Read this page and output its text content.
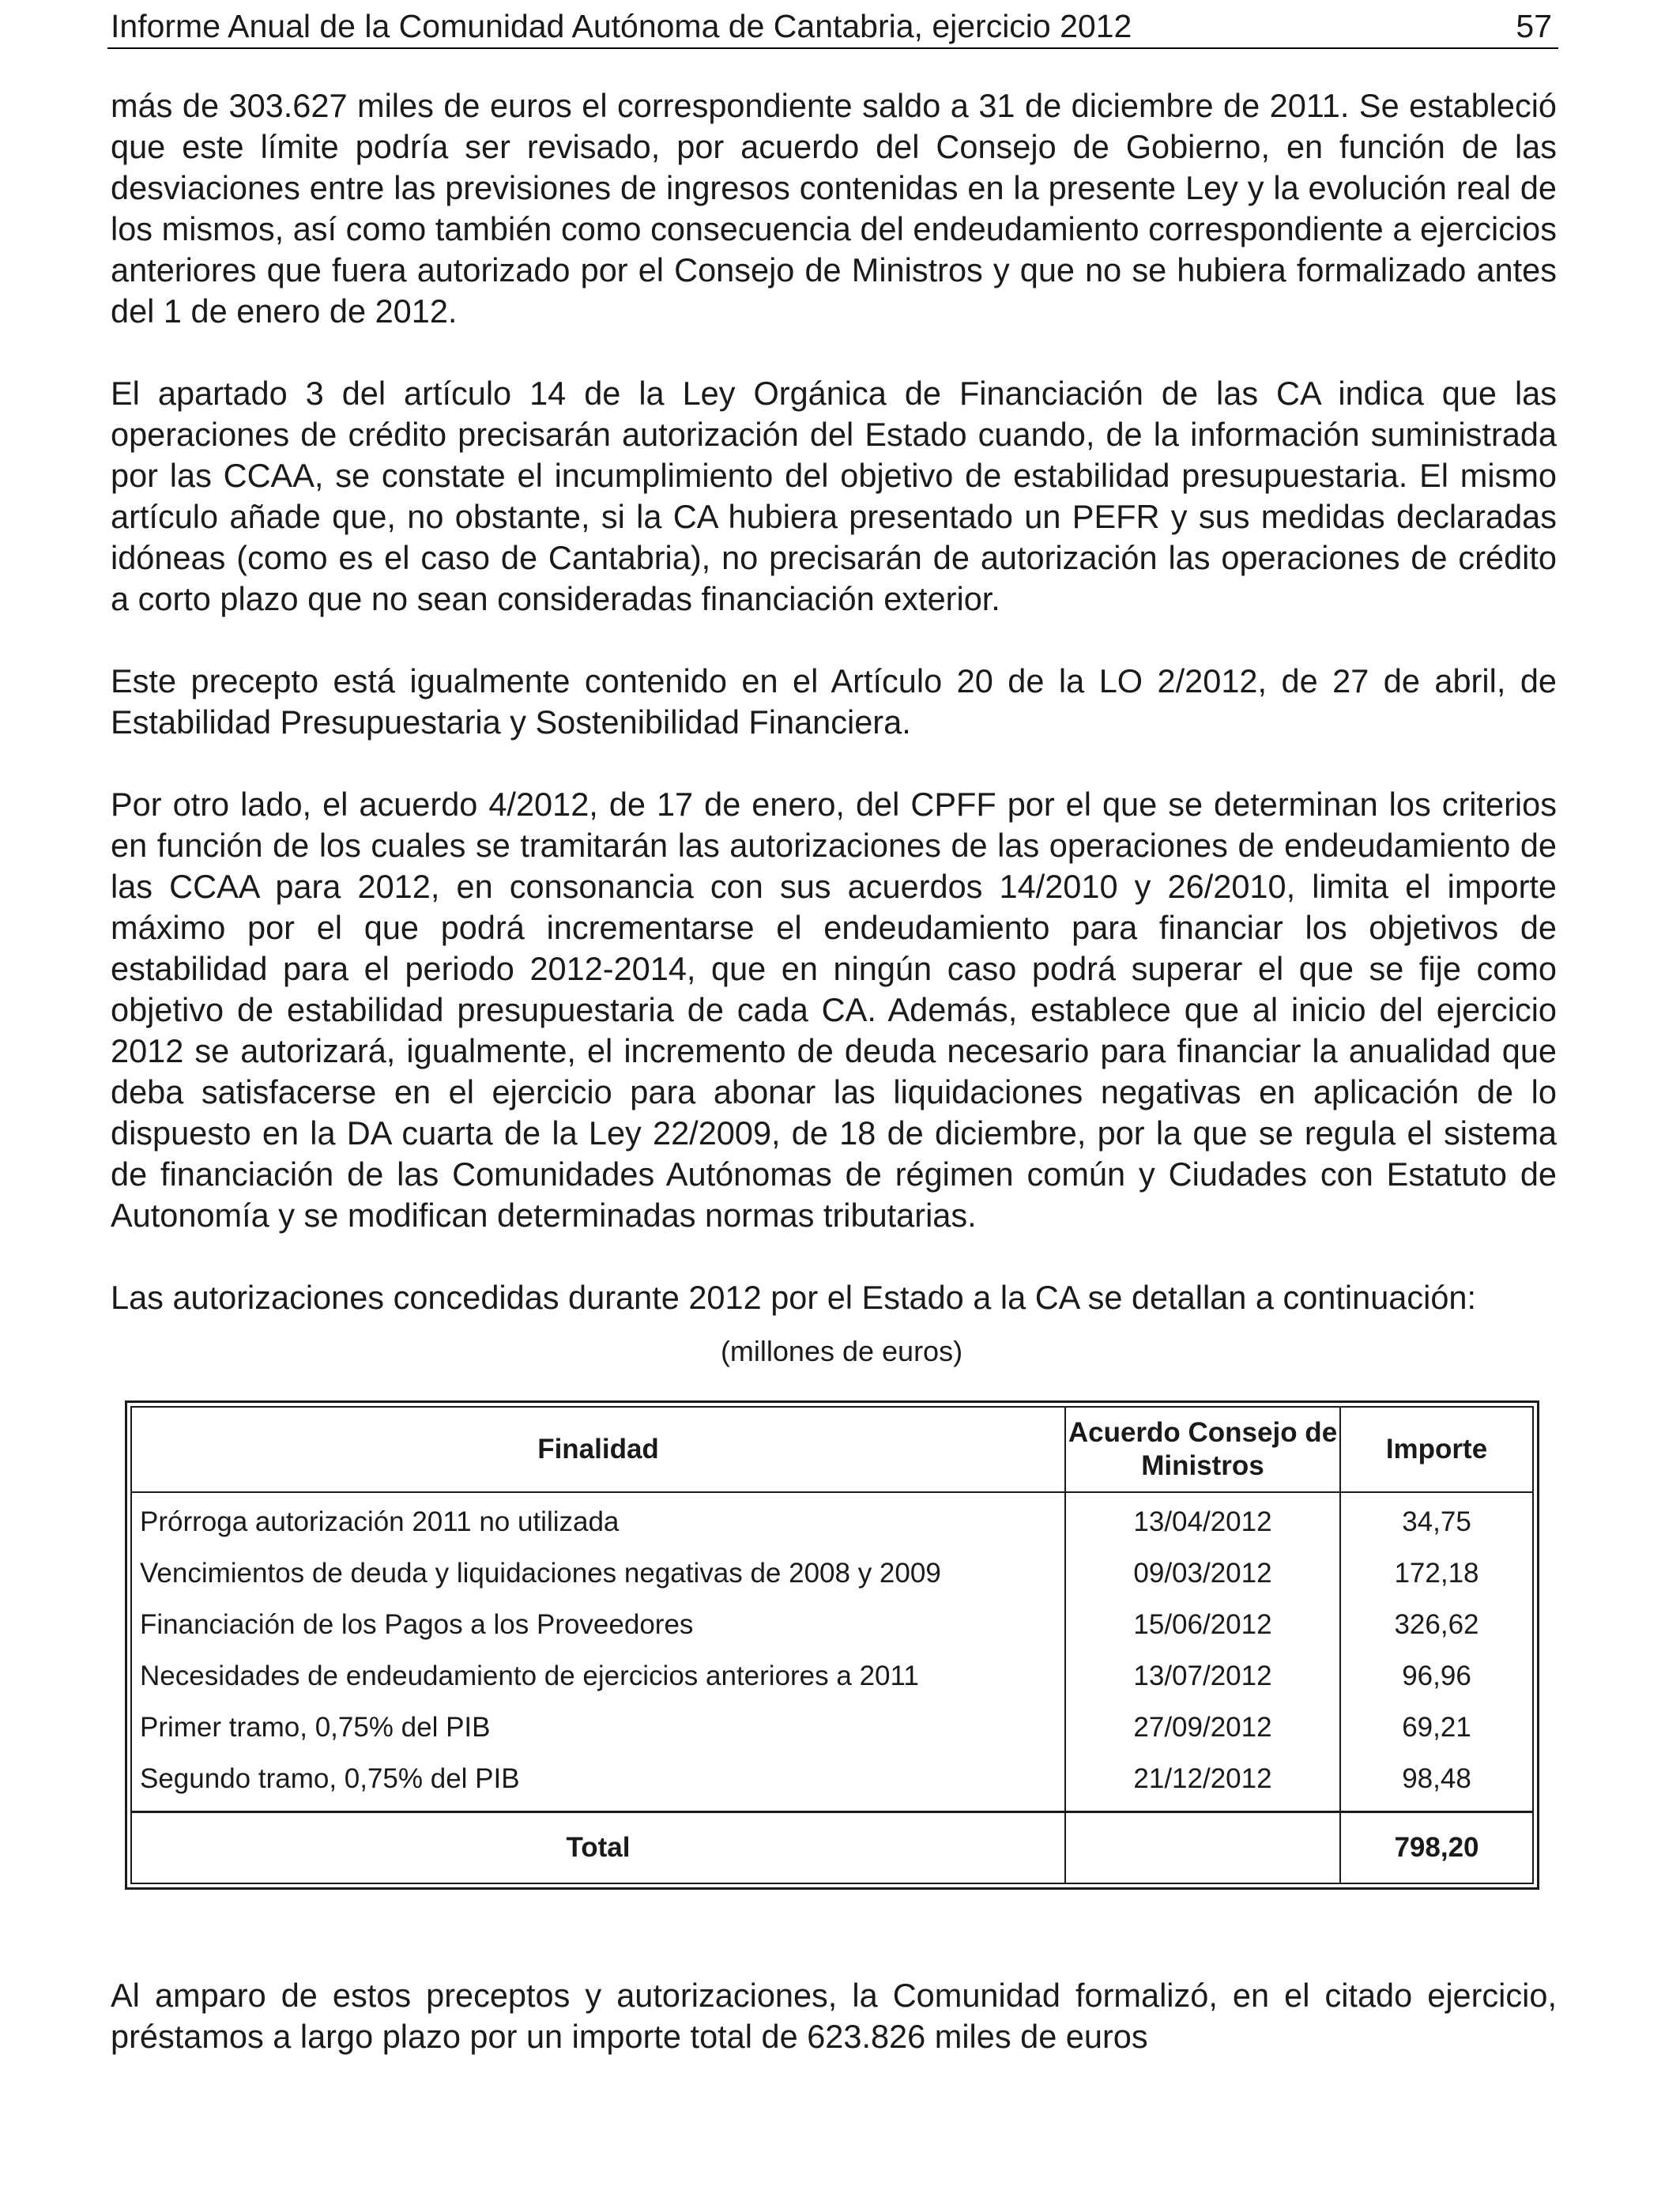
Informe Anual de la Comunidad Autónoma de Cantabria, ejercicio 2012	57

más de 303.627 miles de euros el correspondiente saldo a 31 de diciembre de 2011. Se estableció que este límite podría ser revisado, por acuerdo del Consejo de Gobierno, en función de las desviaciones entre las previsiones de ingresos contenidas en la presente Ley y la evolución real de los mismos, así como también como consecuencia del endeudamiento correspondiente a ejercicios anteriores que fuera autorizado por el Consejo de Ministros y que no se hubiera formalizado antes del 1 de enero de 2012.

El apartado 3 del artículo 14 de la Ley Orgánica de Financiación de las CA indica que las operaciones de crédito precisarán autorización del Estado cuando, de la información suministrada por las CCAA, se constate el incumplimiento del objetivo de estabilidad presupuestaria. El mismo artículo añade que, no obstante, si la CA hubiera presentado un PEFR y sus medidas declaradas idóneas (como es el caso de Cantabria), no precisarán de autorización las operaciones de crédito a corto plazo que no sean consideradas financiación exterior.

Este precepto está igualmente contenido en el Artículo 20 de la LO 2/2012, de 27 de abril, de Estabilidad Presupuestaria y Sostenibilidad Financiera.

Por otro lado, el acuerdo 4/2012, de 17 de enero, del CPFF por el que se determinan los criterios en función de los cuales se tramitarán las autorizaciones de las operaciones de endeudamiento de las CCAA para 2012, en consonancia con sus acuerdos 14/2010 y 26/2010, limita el importe máximo por el que podrá incrementarse el endeudamiento para financiar los objetivos de estabilidad para el periodo 2012-2014, que en ningún caso podrá superar el que se fije como objetivo de estabilidad presupuestaria de cada CA. Además, establece que al inicio del ejercicio 2012 se autorizará, igualmente, el incremento de deuda necesario para financiar la anualidad que deba satisfacerse en el ejercicio para abonar las liquidaciones negativas en aplicación de lo dispuesto en la DA cuarta de la Ley 22/2009, de 18 de diciembre, por la que se regula el sistema de financiación de las Comunidades Autónomas de régimen común y Ciudades con Estatuto de Autonomía y se modifican determinadas normas tributarias.

Las autorizaciones concedidas durante 2012 por el Estado a la CA se detallan a continuación:

(millones de euros)
Finalidad	Acuerdo Consejo de Ministros	Importe
Prórroga autorización 2011 no utilizada	13/04/2012	34,75
Vencimientos de deuda y liquidaciones negativas de 2008 y 2009	09/03/2012	172,18
Financiación de los Pagos a los Proveedores	15/06/2012	326,62
Necesidades de endeudamiento de ejercicios anteriores a 2011	13/07/2012	96,96
Primer tramo, 0,75% del PIB	27/09/2012	69,21
Segundo tramo, 0,75% del PIB	21/12/2012	98,48
Total		798,20

Al amparo de estos preceptos y autorizaciones, la Comunidad formalizó, en el citado ejercicio, préstamos a largo plazo por un importe total de 623.826 miles de euros
